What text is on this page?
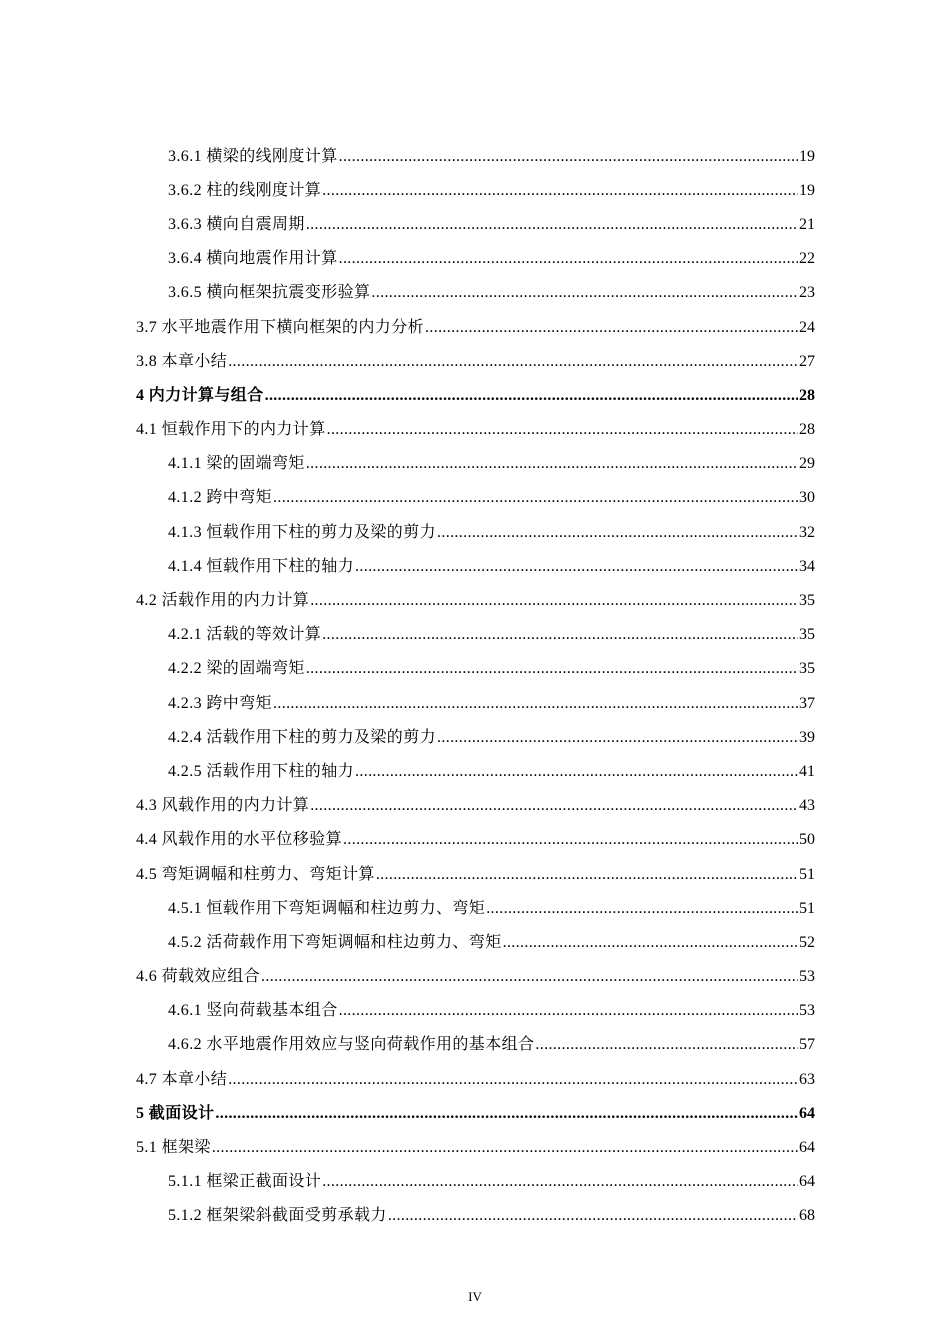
3.6.1 横梁的线刚度计算 .....	19
3.6.2 柱的线刚度计算 .....	19
3.6.3 横向自震周期 .....	21
3.6.4 横向地震作用计算 .....	22
3.6.5 横向框架抗震变形验算 .....	23
3.7 水平地震作用下横向框架的内力分析 .....	24
3.8 本章小结 .....	27
4 内力计算与组合 .....	28
4.1 恒载作用下的内力计算 .....	28
4.1.1 梁的固端弯矩 .....	29
4.1.2 跨中弯矩 .....	30
4.1.3 恒载作用下柱的剪力及梁的剪力 .....	32
4.1.4 恒载作用下柱的轴力 .....	34
4.2 活载作用的内力计算 .....	35
4.2.1 活载的等效计算 .....	35
4.2.2 梁的固端弯矩 .....	35
4.2.3 跨中弯矩 .....	37
4.2.4 活载作用下柱的剪力及梁的剪力 .....	39
4.2.5 活载作用下柱的轴力 .....	41
4.3 风载作用的内力计算 .....	43
4.4 风载作用的水平位移验算 .....	50
4.5 弯矩调幅和柱剪力、弯矩计算 .....	51
4.5.1 恒载作用下弯矩调幅和柱边剪力、弯矩 .....	51
4.5.2 活荷载作用下弯矩调幅和柱边剪力、弯矩 .....	52
4.6 荷载效应组合 .....	53
4.6.1 竖向荷载基本组合 .....	53
4.6.2 水平地震作用效应与竖向荷载作用的基本组合 .....	57
4.7 本章小结 .....	63
5 截面设计 .....	64
5.1 框架梁 .....	64
5.1.1 框梁正截面设计 .....	64
5.1.2 框架梁斜截面受剪承载力 .....	68
IV
